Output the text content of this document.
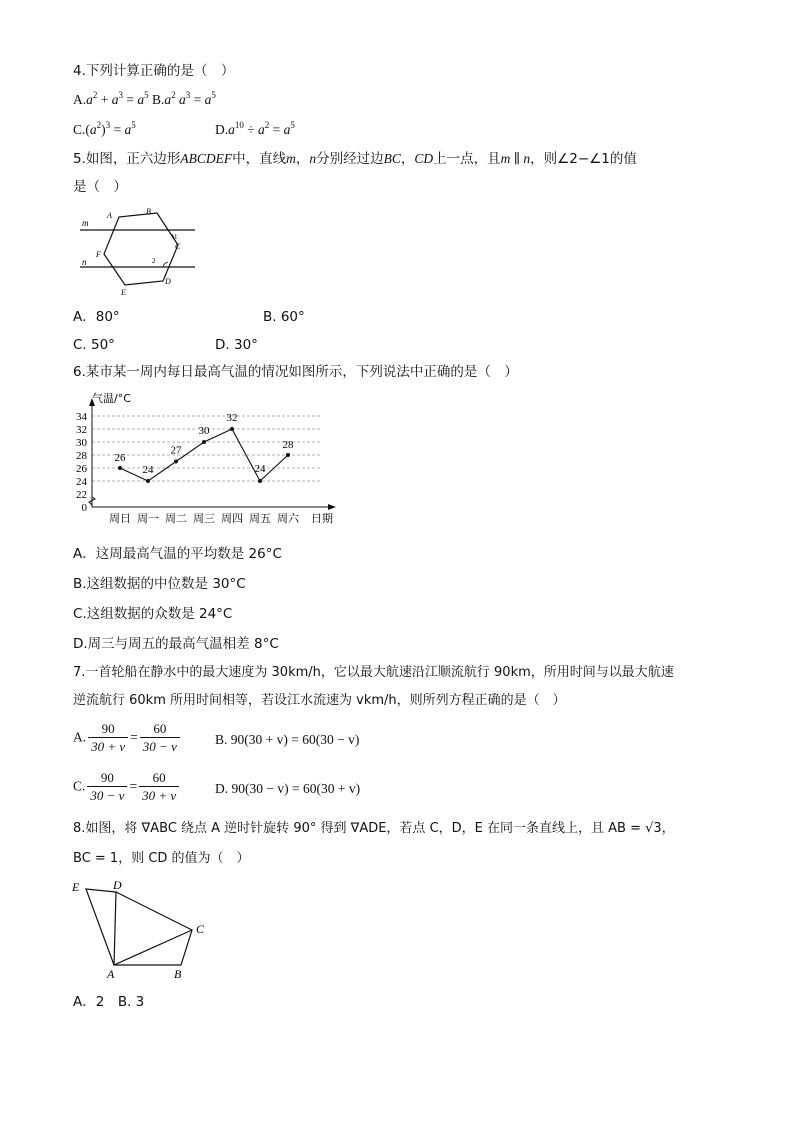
4.下列计算正确的是（　）
$A.a^2 + a^3 = a^5$ $B.a^2$ $a^3 = a^5$
$C.(a^2)^3 = a^5$	$D.a^{10} \div a^2 = a^5$
5.如图，正六边形ABCDEF中，直线m，n分别经过边BC，CD上一点，且m ∥ n，则∠2−∠1的值
是（　）
m
n
A	B
C
D
E
F
1
2
A．80°	B. 60°
C. 50°	D. 30°
6.某市某一周内每日最高气温的情况如图所示，下列说法中正确的是（　）
0
22
24
26
28
30
32
34
周日 周一 周二 周三 周四 周五 周六
26
24
27
30
32
24
28
气温/°C
日期
A．这周最高气温的平均数是 26°C
B.这组数据的中位数是 30°C
C.这组数据的众数是 24°C
D.周三与周五的最高气温相差 8°C
7.一首轮船在静水中的最大速度为 30km/h，它以最大航速沿江顺流航行 90km，所用时间与以最大航速
逆流航行 60km 所用时间相等，若设江水流速为 vkm/h，则所列方程正确的是（　）
A. $\frac{90}{30 + v} = \frac{60}{30 - v}$	B. 90(30 + v) = 60(30 − v)
C. $\frac{90}{30 - v} = \frac{60}{30 + v}$	D. 90(30 − v) = 60(30 + v)
8.如图，将 ∇ABC 绕点 A 逆时针旋转 90° 得到 ∇ADE，若点 C，D，E 在同一条直线上，且 AB = √3，
BC = 1，则 CD 的值为（　）
E	D
C
A	B
A．2　B. 3
